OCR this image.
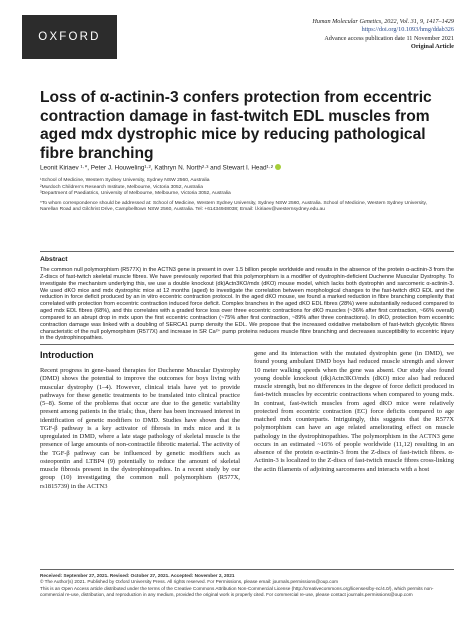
OXFORD
Human Molecular Genetics, 2022, Vol. 31, 9, 1417–1429
https://doi.org/10.1093/hmg/ddab326
Advance access publication date 11 November 2021
Original Article
Loss of α-actinin-3 confers protection from eccentric contraction damage in fast-twitch EDL muscles from aged mdx dystrophic mice by reducing pathological fibre branching
Leonit Kiriaev ¹·*, Peter J. Houweling¹·², Kathryn N. North²·³ and Stewart I. Head¹·²
¹School of Medicine, Western Sydney University, Sydney NSW 2560, Australia
²Murdoch Children’s Research Institute, Melbourne, Victoria 3052, Australia
³Department of Paediatrics, University of Melbourne, Melbourne, Victoria 3052, Australia
*To whom correspondence should be addressed at: School of Medicine, Western Sydney University, Sydney NSW 2560, Australia. School of Medicine, Western Sydney University, Narellan Road and Gilchrist Drive, Campbelltown NSW 2560, Australia. Tel: +61434948038; Email: l.kiriaev@westernsydney.edu.au
Abstract

The common null polymorphism (R577X) in the ACTN3 gene is present in over 1.5 billion people worldwide and results in the absence of the protein α-actinin-3 from the Z-discs of fast-twitch skeletal muscle fibres. We have previously reported that this polymorphism is a modifier of dystrophin-deficient Duchenne Muscular Dystrophy. To investigate the mechanism underlying this, we use a double knockout (dk)Actn3KO/mdx (dKO) mouse model, which lacks both dystrophin and sarcomeric α-actinin-3. We used dKO mice and mdx dystrophic mice at 12 months (aged) to investigate the correlation between morphological changes to the fast-twitch dKO EDL and the reduction in force deficit produced by an in vitro eccentric contraction protocol. In the aged dKO mouse, we found a marked reduction in fibre branching complexity that correlated with protection from eccentric contraction induced force deficit. Complex branches in the aged dKO EDL fibres (28%) were substantially reduced compared to aged mdx EDL fibres (68%), and this correlates with a graded force loss over three eccentric contractions for dKO muscles (~36% after first contraction, ~66% overall) compared to an abrupt drop in mdx upon the first eccentric contraction (~75% after first contraction, ~89% after three contractions). In dKO, protection from eccentric contraction damage was linked with a doubling of SERCA1 pump density the EDL. We propose that the increased oxidative metabolism of fast-twitch glycolytic fibres characteristic of the null polymorphism (R577X) and increase in SR Ca²⁺ pump proteins reduces muscle fibre branching and decreases susceptibility to eccentric injury in the dystrophinopathies.

Introduction

Recent progress in gene-based therapies for Duchenne Muscular Dystrophy (DMD) shows the potential to improve the outcomes for boys living with muscular dystrophy (1–4). However, clinical trials have yet to provide pathways for these genetic treatments to be translated into clinical practice (5–8). Some of the problems that occur are due to the genetic variability present among patients in the trials; thus, there has been increased interest in identification of genetic modifiers to DMD. Studies have shown that the TGF-β pathway is a key activator of fibrosis in mdx mice and it is upregulated in DMD, where a late stage pathology of skeletal muscle is the presence of large amounts of non-contractile fibrotic material. The activity of the TGF-β pathway can be influenced by genetic modifiers such as osteopontin and LTBP4 (9) potentially to reduce the amount of skeletal muscle fibrosis present in the dystrophinopathies. In a recent study by our group (10) investigating the common null polymorphism (R577X, rs1815739) in the ACTN3

gene and its interaction with the mutated dystrophin gene (in DMD), we found young ambulant DMD boys had reduced muscle strength and slower 10 meter walking speeds when the gene was absent. Our study also found young double knockout (dk)Actn3KO/mdx (dKO) mice also had reduced muscle strength, but no differences in the degree of force deficit produced in fast-twitch muscles by eccentric contractions when compared to young mdx. In contrast, fast-twitch muscles from aged dKO mice were relatively protected from eccentric contraction (EC) force deficits compared to age matched mdx counterparts. Intriguingly, this suggests that the R577X polymorphism can have an age related ameliorating effect on muscle pathology in the dystrophinopathies. The polymorphism in the ACTN3 gene occurs in an estimated ~16% of people worldwide (11,12) resulting in an absence of the protein α-actinin-3 from the Z-discs of fast-twitch fibres. α-Actinin-3 is localized to the Z-discs of fast-twitch muscle fibres cross-linking the actin filaments of adjoining sarcomeres and interacts with a host

Received: September 27, 2021. Revised: October 27, 2021. Accepted: November 2, 2021
© The Author(s) 2021. Published by Oxford University Press. All rights reserved. For Permissions, please email: journals.permissions@oup.com
This is an Open Access article distributed under the terms of the Creative Commons Attribution Non-Commercial License (http://creativecommons.org/licenses/by-nc/4.0/), which permits non-commercial re-use, distribution, and reproduction in any medium, provided the original work is properly cited. For commercial re-use, please contact journals.permissions@oup.com
